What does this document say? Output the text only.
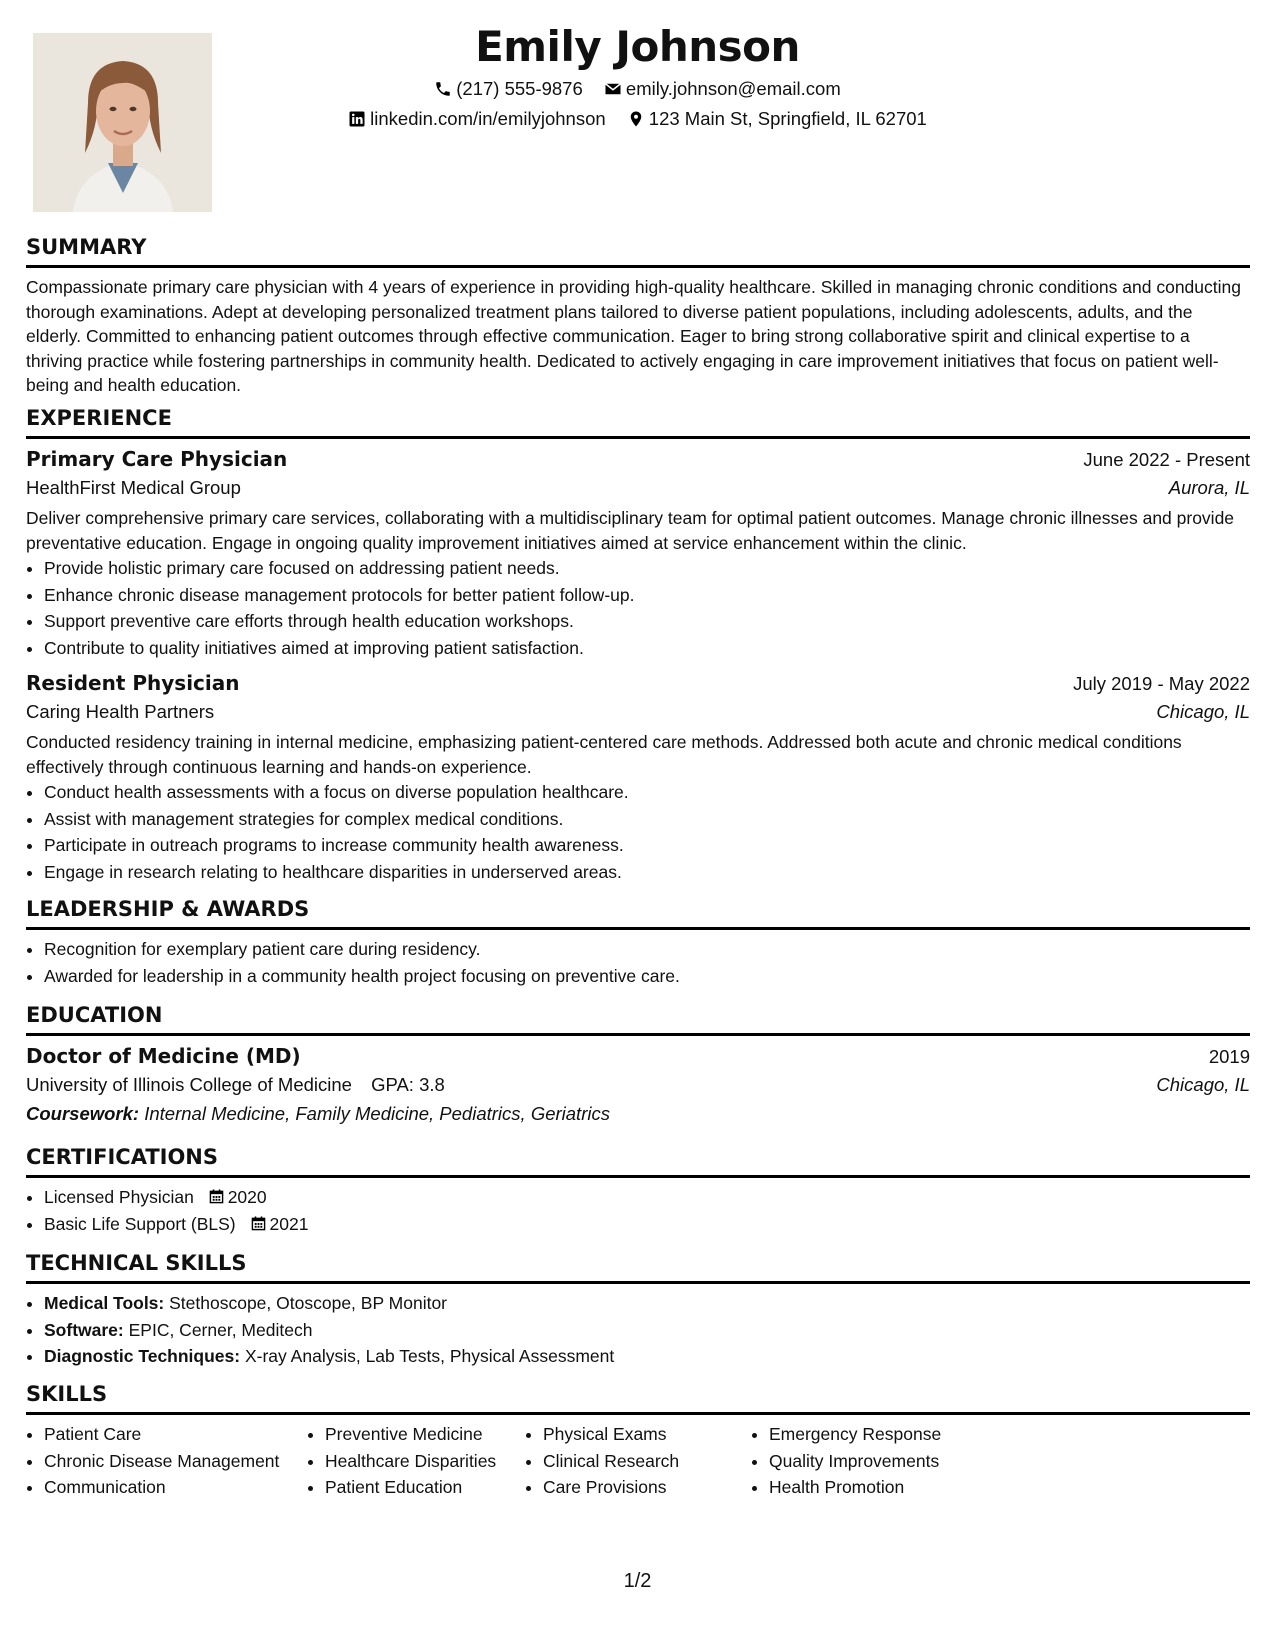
Emily Johnson
(217) 555-9876
emily.johnson@email.com
linkedin.com/in/emilyjohnson
123 Main St, Springfield, IL 62701
SUMMARY

Compassionate primary care physician with 4 years of experience in providing high-quality healthcare. Skilled in managing chronic conditions and conducting thorough examinations. Adept at developing personalized treatment plans tailored to diverse patient populations, including adolescents, adults, and the elderly. Committed to enhancing patient outcomes through effective communication. Eager to bring strong collaborative spirit and clinical expertise to a thriving practice while fostering partnerships in community health. Dedicated to actively engaging in care improvement initiatives that focus on patient well-being and health education.

EXPERIENCE
Primary Care Physician	June 2022 - Present
HealthFirst Medical Group	Aurora, IL

Deliver comprehensive primary care services, collaborating with a multidisciplinary team for optimal patient outcomes. Manage chronic illnesses and provide preventative education. Engage in ongoing quality improvement initiatives aimed at service enhancement within the clinic.

• Provide holistic primary care focused on addressing patient needs.
• Enhance chronic disease management protocols for better patient follow-up.
• Support preventive care efforts through health education workshops.
• Contribute to quality initiatives aimed at improving patient satisfaction.
Resident Physician	July 2019 - May 2022
Caring Health Partners	Chicago, IL

Conducted residency training in internal medicine, emphasizing patient-centered care methods. Addressed both acute and chronic medical conditions effectively through continuous learning and hands-on experience.

• Conduct health assessments with a focus on diverse population healthcare.
• Assist with management strategies for complex medical conditions.
• Participate in outreach programs to increase community health awareness.
• Engage in research relating to healthcare disparities in underserved areas.
LEADERSHIP & AWARDS
• Recognition for exemplary patient care during residency.
• Awarded for leadership in a community health project focusing on preventive care.
EDUCATION
Doctor of Medicine (MD)	2019
University of Illinois College of Medicine GPA: 3.8	Chicago, IL
Coursework: Internal Medicine, Family Medicine, Pediatrics, Geriatrics
CERTIFICATIONS
• Licensed Physician 2020
• Basic Life Support (BLS) 2021
TECHNICAL SKILLS
• Medical Tools: Stethoscope, Otoscope, BP Monitor
• Software: EPIC, Cerner, Meditech
• Diagnostic Techniques: X-ray Analysis, Lab Tests, Physical Assessment
SKILLS
• Patient Care
• Chronic Disease Management
• Communication
• Preventive Medicine
• Healthcare Disparities
• Patient Education
• Physical Exams
• Clinical Research
• Care Provisions
• Emergency Response
• Quality Improvements
• Health Promotion
1/2
